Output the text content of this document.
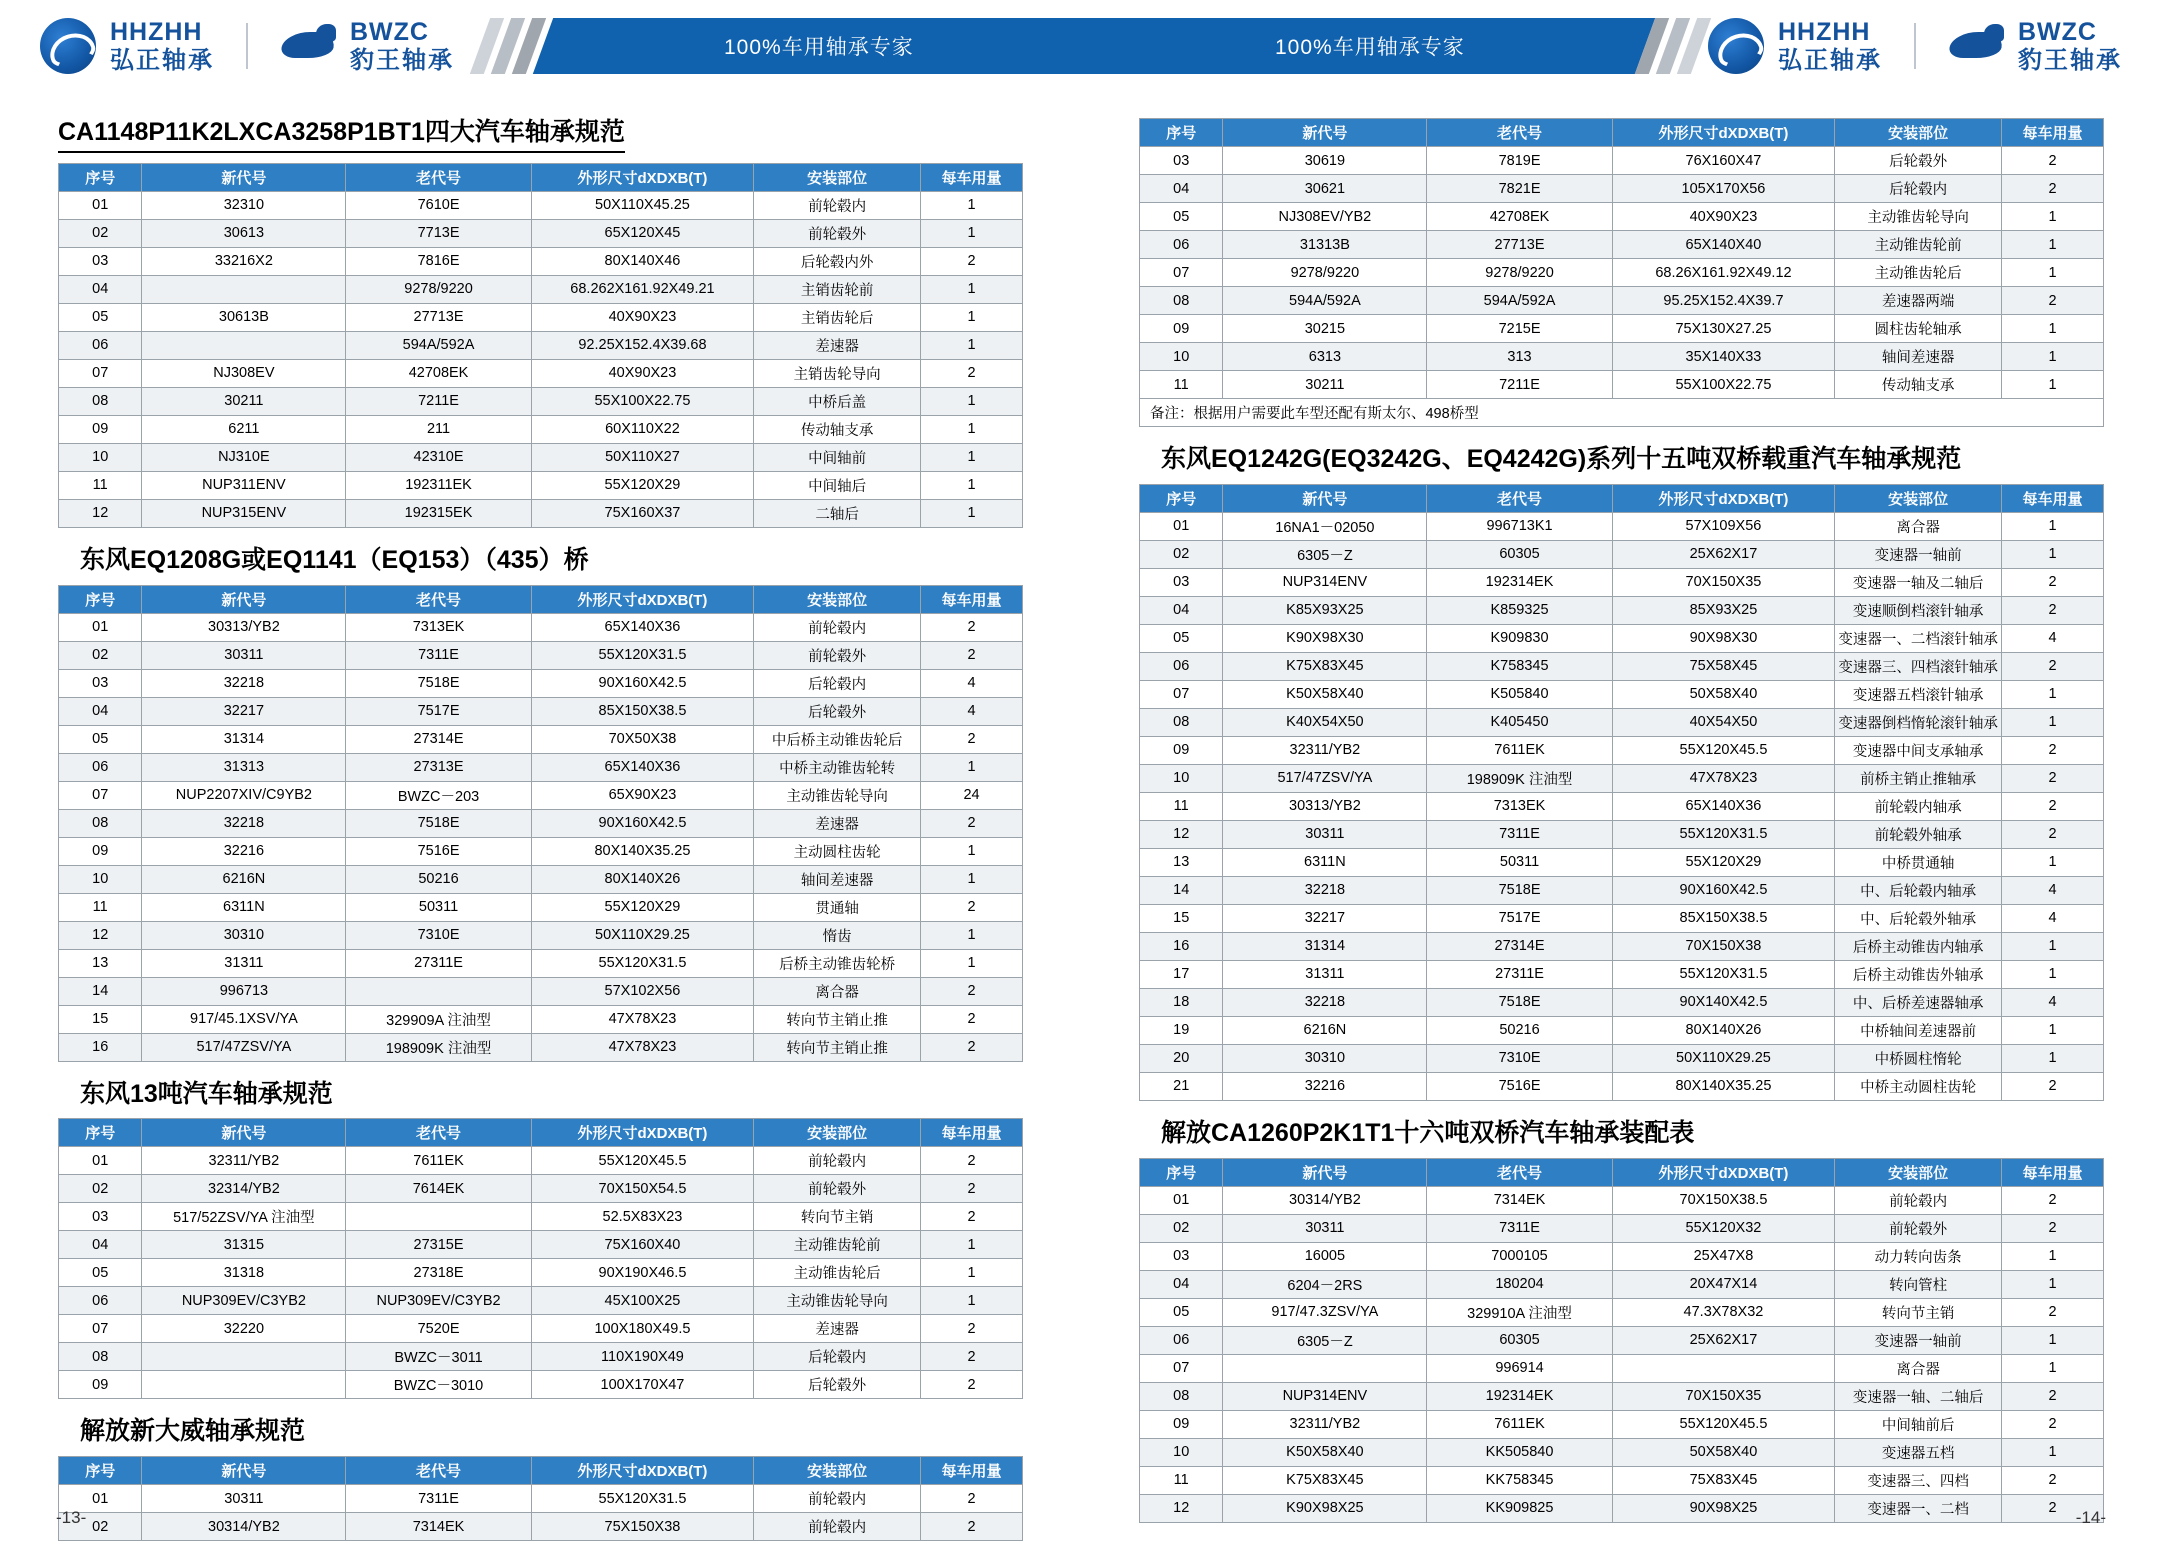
HHZHH
弘正轴承
BWZC
豹王轴承	100%车用轴承专家	100%车用轴承专家
HHZHH
弘正轴承
BWZC
豹王轴承
CA1148P11K2LXCA3258P1BT1四大汽车轴承规范
序号	新代号	老代号	外形尺寸dXDXB(T)	安装部位	每车用量
01	32310	7610E	50X110X45.25	前轮毂内	1
02	30613	7713E	65X120X45	前轮毂外	1
03	33216X2	7816E	80X140X46	后轮毂内外	2
04		9278/9220	68.262X161.92X49.21	主销齿轮前	1
05	30613B	27713E	40X90X23	主销齿轮后	1
06		594A/592A	92.25X152.4X39.68	差速器	1
07	NJ308EV	42708EK	40X90X23	主销齿轮导向	2
08	30211	7211E	55X100X22.75	中桥后盖	1
09	6211	211	60X110X22	传动轴支承	1
10	NJ310E	42310E	50X110X27	中间轴前	1
11	NUP311ENV	192311EK	55X120X29	中间轴后	1
12	NUP315ENV	192315EK	75X160X37	二轴后	1
东风EQ1208G或EQ1141（EQ153）（435）桥
序号	新代号	老代号	外形尺寸dXDXB(T)	安装部位	每车用量
01	30313/YB2	7313EK	65X140X36	前轮毂内	2
02	30311	7311E	55X120X31.5	前轮毂外	2
03	32218	7518E	90X160X42.5	后轮毂内	4
04	32217	7517E	85X150X38.5	后轮毂外	4
05	31314	27314E	70X50X38	中后桥主动锥齿轮后	2
06	31313	27313E	65X140X36	中桥主动锥齿轮转	1
07	NUP2207XIV/C9YB2	BWZC－203	65X90X23	主动锥齿轮导向	24
08	32218	7518E	90X160X42.5	差速器	2
09	32216	7516E	80X140X35.25	主动圆柱齿轮	1
10	6216N	50216	80X140X26	轴间差速器	1
11	6311N	50311	55X120X29	贯通轴	2
12	30310	7310E	50X110X29.25	惰齿	1
13	31311	27311E	55X120X31.5	后桥主动锥齿轮桥	1
14	996713		57X102X56	离合器	2
15	917/45.1XSV/YA	329909A 注油型	47X78X23	转向节主销止推	2
16	517/47ZSV/YA	198909K 注油型	47X78X23	转向节主销止推	2
东风13吨汽车轴承规范
序号	新代号	老代号	外形尺寸dXDXB(T)	安装部位	每车用量
01	32311/YB2	7611EK	55X120X45.5	前轮毂内	2
02	32314/YB2	7614EK	70X150X54.5	前轮毂外	2
03	517/52ZSV/YA 注油型		52.5X83X23	转向节主销	2
04	31315	27315E	75X160X40	主动锥齿轮前	1
05	31318	27318E	90X190X46.5	主动锥齿轮后	1
06	NUP309EV/C3YB2	NUP309EV/C3YB2	45X100X25	主动锥齿轮导向	1
07	32220	7520E	100X180X49.5	差速器	2
08		BWZC－3011	110X190X49	后轮毂内	2
09		BWZC－3010	100X170X47	后轮毂外	2
解放新大威轴承规范
序号	新代号	老代号	外形尺寸dXDXB(T)	安装部位	每车用量
01	30311	7311E	55X120X31.5	前轮毂内	2
02	30314/YB2	7314EK	75X150X38	前轮毂内	2
序号	新代号	老代号	外形尺寸dXDXB(T)	安装部位	每车用量
03	30619	7819E	76X160X47	后轮毂外	2
04	30621	7821E	105X170X56	后轮毂内	2
05	NJ308EV/YB2	42708EK	40X90X23	主动锥齿轮导向	1
06	31313B	27713E	65X140X40	主动锥齿轮前	1
07	9278/9220	9278/9220	68.26X161.92X49.12	主动锥齿轮后	1
08	594A/592A	594A/592A	95.25X152.4X39.7	差速器两端	2
09	30215	7215E	75X130X27.25	圆柱齿轮轴承	1
10	6313	313	35X140X33	轴间差速器	1
11	30211	7211E	55X100X22.75	传动轴支承	1
备注：根据用户需要此车型还配有斯太尔、498桥型					
东风EQ1242G(EQ3242G、EQ4242G)系列十五吨双桥载重汽车轴承规范
序号	新代号	老代号	外形尺寸dXDXB(T)	安装部位	每车用量
01	16NA1－02050	996713K1	57X109X56	离合器	1
02	6305－Z	60305	25X62X17	变速器一轴前	1
03	NUP314ENV	192314EK	70X150X35	变速器一轴及二轴后	2
04	K85X93X25	K859325	85X93X25	变速顺倒档滚针轴承	2
05	K90X98X30	K909830	90X98X30	变速器一、二档滚针轴承	4
06	K75X83X45	K758345	75X58X45	变速器三、四档滚针轴承	2
07	K50X58X40	K505840	50X58X40	变速器五档滚针轴承	1
08	K40X54X50	K405450	40X54X50	变速器倒档惰轮滚针轴承	1
09	32311/YB2	7611EK	55X120X45.5	变速器中间支承轴承	2
10	517/47ZSV/YA	198909K 注油型	47X78X23	前桥主销止推轴承	2
11	30313/YB2	7313EK	65X140X36	前轮毂内轴承	2
12	30311	7311E	55X120X31.5	前轮毂外轴承	2
13	6311N	50311	55X120X29	中桥贯通轴	1
14	32218	7518E	90X160X42.5	中、后轮毂内轴承	4
15	32217	7517E	85X150X38.5	中、后轮毂外轴承	4
16	31314	27314E	70X150X38	后桥主动锥齿内轴承	1
17	31311	27311E	55X120X31.5	后桥主动锥齿外轴承	1
18	32218	7518E	90X140X42.5	中、后桥差速器轴承	4
19	6216N	50216	80X140X26	中桥轴间差速器前	1
20	30310	7310E	50X110X29.25	中桥圆柱惰轮	1
21	32216	7516E	80X140X35.25	中桥主动圆柱齿轮	2
解放CA1260P2K1T1十六吨双桥汽车轴承装配表
序号	新代号	老代号	外形尺寸dXDXB(T)	安装部位	每车用量
01	30314/YB2	7314EK	70X150X38.5	前轮毂内	2
02	30311	7311E	55X120X32	前轮毂外	2
03	16005	7000105	25X47X8	动力转向齿条	1
04	6204－2RS	180204	20X47X14	转向管柱	1
05	917/47.3ZSV/YA	329910A 注油型	47.3X78X32	转向节主销	2
06	6305－Z	60305	25X62X17	变速器一轴前	1
07		996914		离合器	1
08	NUP314ENV	192314EK	70X150X35	变速器一轴、二轴后	2
09	32311/YB2	7611EK	55X120X45.5	中间轴前后	2
10	K50X58X40	KK505840	50X58X40	变速器五档	1
11	K75X83X45	KK758345	75X83X45	变速器三、四档	2
12	K90X98X25	KK909825	90X98X25	变速器一、二档	2
-13-	-14-
